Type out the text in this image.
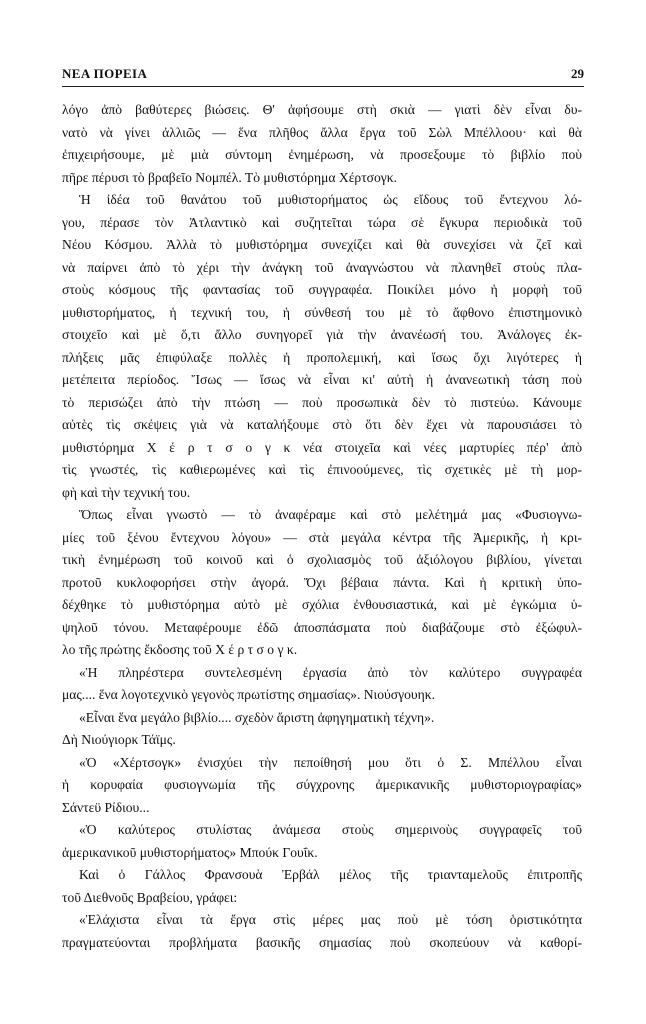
ΝΕΑ ΠΟΡΕΙΑ	29
λόγο ἀπὸ βαθύτερες βιώσεις. Θ' ἀφήσουμε στὴ σκιὰ — γιατὶ δὲν εἶναι δυ-
νατὸ νὰ γίνει ἀλλιῶς — ἕνα πλῆθος ἄλλα ἔργα τοῦ Σὼλ Μπέλλοου· καὶ θὰ
ἐπιχειρήσουμε, μὲ μιὰ σύντομη ἐνημέρωση, νὰ προσεξουμε τὸ βιβλίο ποὺ
πῆρε πέρυσι τὸ βραβεῖο Νομπέλ. Τὸ μυθιστόρημα Χέρτσογκ.
Ἡ ἰδέα τοῦ θανάτου τοῦ μυθιστορήματος ὡς εἴδους τοῦ ἔντεχνου λό-
γου, πέρασε τὸν Ἀτλαντικὸ καὶ συζητεῖται τώρα σὲ ἔγκυρα περιοδικὰ τοῦ
Νέου Κόσμου. Ἀλλὰ τὸ μυθιστόρημα συνεχίζει καὶ θὰ συνεχίσει νὰ ζεῖ καὶ
νὰ παίρνει ἀπὸ τὸ χέρι τὴν ἀνάγκη τοῦ ἀναγνώστου νὰ πλανηθεῖ στοὺς πλα-
στοὺς κόσμους τῆς φαντασίας τοῦ συγγραφέα. Ποικίλει μόνο ἡ μορφὴ τοῦ
μυθιστορήματος, ἡ τεχνική του, ἡ σύνθεσή του μὲ τὸ ἄφθονο ἐπιστημονικὸ
στοιχεῖο καὶ μὲ ὅ,τι ἄλλο συνηγορεῖ γιὰ τὴν ἀνανέωσή του. Ἀνάλογες ἐκ-
πλήξεις μᾶς ἐπιφύλαξε πολλὲς ἡ προπολεμική, καὶ ἴσως ὄχι λιγότερες ἡ
μετέπειτα περίοδος. Ἴσως — ἴσως νὰ εἶναι κι' αὐτὴ ἡ ἀνανεωτικὴ τάση ποὺ
τὸ περισώζει ἀπὸ τὴν πτώση — ποὺ προσωπικὰ δὲν τὸ πιστεύω. Κάνουμε
αὐτὲς τὶς σκέψεις γιὰ νὰ καταλήξουμε στὸ ὅτι δὲν ἔχει νὰ παρουσιάσει τὸ
μυθιστόρημα Χ έ ρ τ σ ο γ κ νέα στοιχεῖα καὶ νέες μαρτυρίες πέρ' ἀπὸ
τὶς γνωστές, τὶς καθιερωμένες καὶ τὶς ἐπινοούμενες, τὶς σχετικὲς μὲ τὴ μορ-
φὴ καὶ τὴν τεχνική του.
Ὅπως εἶναι γνωστὸ — τὸ ἀναφέραμε καὶ στὸ μελέτημά μας «Φυσιογνω-
μίες τοῦ ξένου ἔντεχνου λόγου» — στὰ μεγάλα κέντρα τῆς Ἀμερικῆς, ἡ κρι-
τικὴ ἐνημέρωση τοῦ κοινοῦ καὶ ὁ σχολιασμὸς τοῦ ἀξιόλογου βιβλίου, γίνεται
προτοῦ κυκλοφορήσει στὴν ἀγορά. Ὄχι βέβαια πάντα. Καὶ ἡ κριτικὴ ὑπο-
δέχθηκε τὸ μυθιστόρημα αὐτὸ μὲ σχόλια ἐνθουσιαστικά, καὶ μὲ ἐγκώμια ὑ-
ψηλοῦ τόνου. Μεταφέρουμε ἐδῶ ἀποσπάσματα ποὺ διαβάζουμε στὸ ἐξώφυλ-
λο τῆς πρώτης ἔκδοσης τοῦ Χ έ ρ τ σ ο γ κ.
«Ἡ πληρέστερα συντελεσμένη ἐργασία ἀπὸ τὸν καλύτερο συγγραφέα
μας.... ἕνα λογοτεχνικὸ γεγονὸς πρωτίστης σημασίας». Νιούσγουηκ.
«Εἶναι ἕνα μεγάλο βιβλίο.... σχεδὸν ἄριστη ἀφηγηματικὴ τέχνη».
Δὴ Νιούγιορκ Τάϊμς.
«Ὁ «Χέρτσογκ» ἐνισχύει τὴν πεποίθησή μου ὅτι ὁ Σ. Μπέλλου εἶναι
ἡ κορυφαία φυσιογνωμία τῆς σύγχρονης ἀμερικανικῆς μυθιστοριογραφίας»
Σάντεϋ Ρίδιου...
«Ὁ καλύτερος στυλίστας ἀνάμεσα στοὺς σημερινοὺς συγγραφεῖς τοῦ
ἀμερικανικοῦ μυθιστορήματος» Μπούκ Γουΐκ.
Καὶ ὁ Γάλλος Φρανσουὰ Ἐρβάλ μέλος τῆς τριανταμελοῦς ἐπιτροπῆς
τοῦ Διεθνοῦς Βραβείου, γράφει:
«Ἐλάχιστα εἶναι τὰ ἔργα στὶς μέρες μας ποὺ μὲ τόση ὁριστικότητα
πραγματεύονται προβλήματα βασικῆς σημασίας ποὺ σκοπεύουν νὰ καθορί-
